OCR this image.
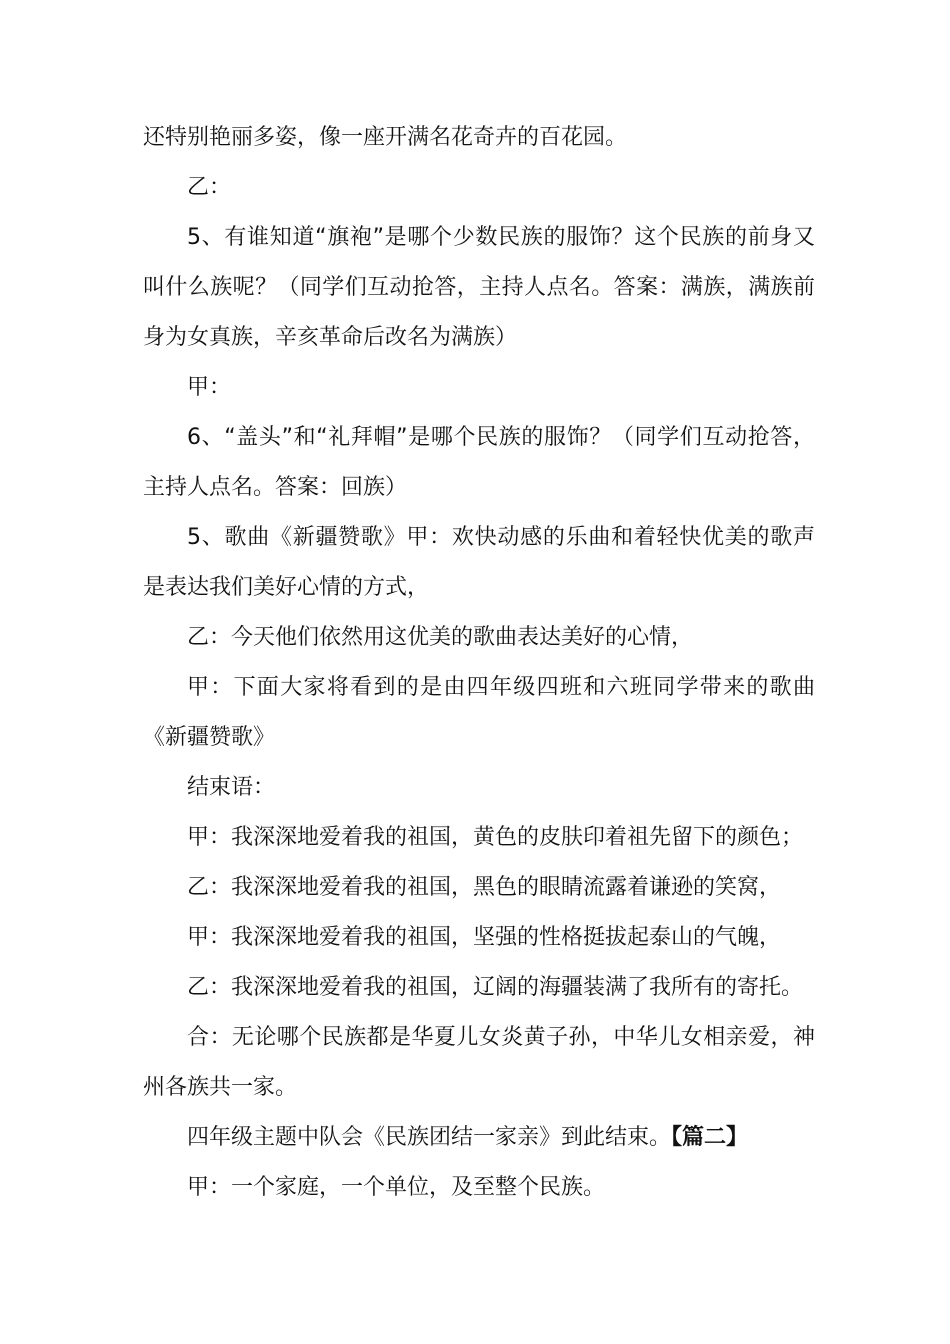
还特别艳丽多姿，像一座开满名花奇卉的百花园。

乙：

5、有谁知道“旗袍”是哪个少数民族的服饰？这个民族的前身又叫什么族呢？（同学们互动抢答，主持人点名。答案：满族，满族前身为女真族，辛亥革命后改名为满族）

甲：

6、“盖头”和“礼拜帽”是哪个民族的服饰？（同学们互动抢答，主持人点名。答案：回族）

5、歌曲《新疆赞歌》甲：欢快动感的乐曲和着轻快优美的歌声是表达我们美好心情的方式，

乙：今天他们依然用这优美的歌曲表达美好的心情，

甲：下面大家将看到的是由四年级四班和六班同学带来的歌曲《新疆赞歌》

结束语：

甲：我深深地爱着我的祖国，黄色的皮肤印着祖先留下的颜色；

乙：我深深地爱着我的祖国，黑色的眼睛流露着谦逊的笑窝，

甲：我深深地爱着我的祖国，坚强的性格挺拔起泰山的气魄，

乙：我深深地爱着我的祖国，辽阔的海疆装满了我所有的寄托。

合：无论哪个民族都是华夏儿女炎黄子孙，中华儿女相亲爱，神州各族共一家。

四年级主题中队会《民族团结一家亲》到此结束。【篇二】

甲：一个家庭，一个单位，及至整个民族。
